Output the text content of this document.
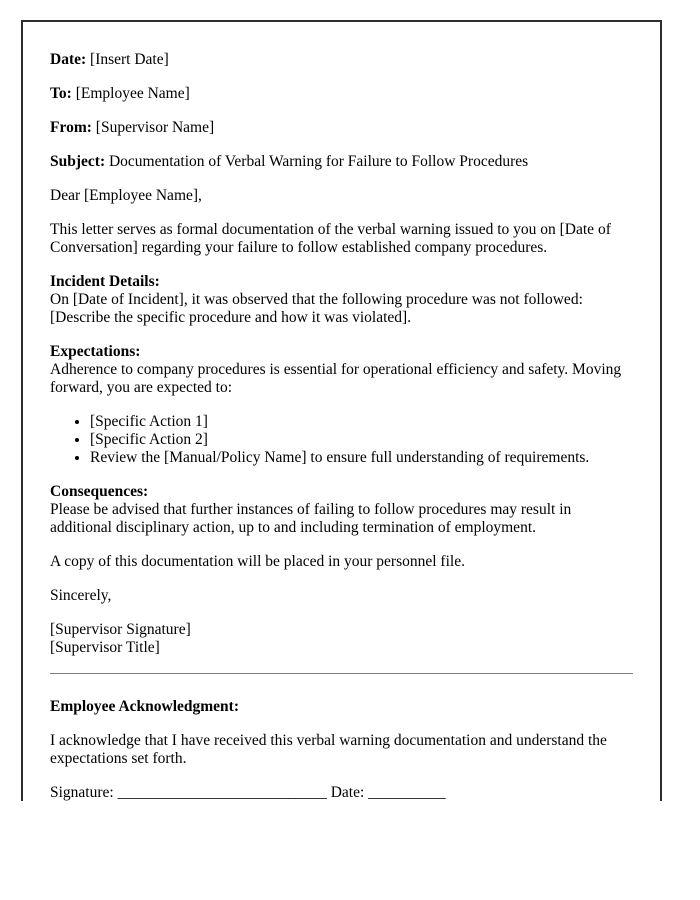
Date: [Insert Date]

To: [Employee Name]

From: [Supervisor Name]

Subject: Documentation of Verbal Warning for Failure to Follow Procedures

Dear [Employee Name],

This letter serves as formal documentation of the verbal warning issued to you on [Date of Conversation] regarding your failure to follow established company procedures.

Incident Details:
On [Date of Incident], it was observed that the following procedure was not followed: [Describe the specific procedure and how it was violated].
Expectations:
Adherence to company procedures is essential for operational efficiency and safety. Moving forward, you are expected to:
• [Specific Action 1]
• [Specific Action 2]
• Review the [Manual/Policy Name] to ensure full understanding of requirements.
Consequences:
Please be advised that further instances of failing to follow procedures may result in additional disciplinary action, up to and including termination of employment.

A copy of this documentation will be placed in your personnel file.

Sincerely,

[Supervisor Signature]
[Supervisor Title]

Employee Acknowledgment:

I acknowledge that I have received this verbal warning documentation and understand the expectations set forth.

Signature: ___________________________ Date: __________
